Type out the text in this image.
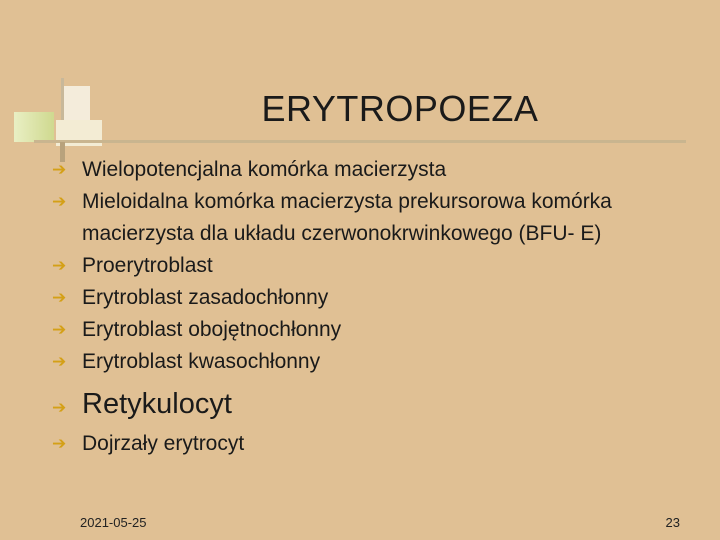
ERYTROPOEZA
➔ Wielopotencjalna komórka macierzysta
➔ Mieloidalna komórka macierzysta prekursorowa komórka macierzysta dla układu czerwonokrwinkowego (BFU- E)
➔ Proerytroblast
➔ Erytroblast zasadochłonny
➔ Erytroblast obojętnochłonny
➔ Erytroblast kwasochłonny
➔ Retykulocyt
➔ Dojrzały erytrocyt
2021-05-25	23
